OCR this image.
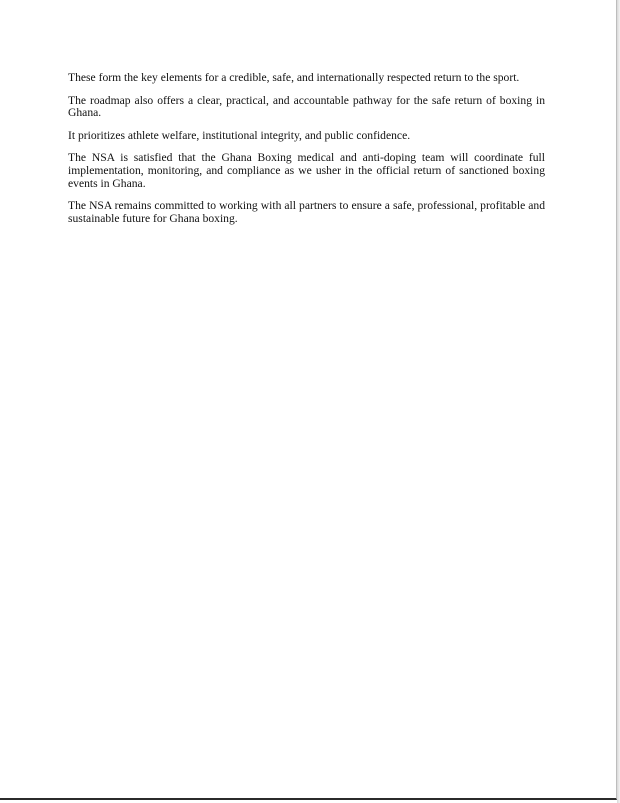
These form the key elements for a credible, safe, and internationally respected return to the sport.

The roadmap also offers a clear, practical, and accountable pathway for the safe return of boxing in Ghana.

It prioritizes athlete welfare, institutional integrity, and public confidence.

The NSA is satisfied that the Ghana Boxing medical and anti-doping team will coordinate full implementation, monitoring, and compliance as we usher in the official return of sanctioned boxing events in Ghana.

The NSA remains committed to working with all partners to ensure a safe, professional, profitable and sustainable future for Ghana boxing.
